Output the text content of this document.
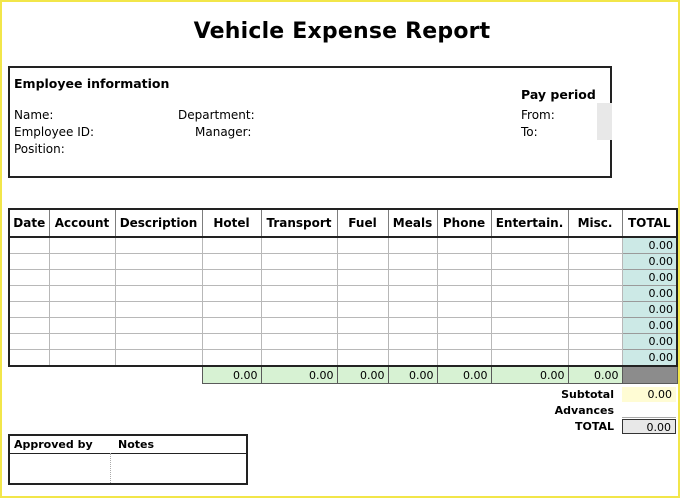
Vehicle Expense Report
Employee information
Name:
Employee ID:
Position:
Department:
Manager:
Pay period
From:
To:
Date	Account	Description	Hotel	Transport	Fuel	Meals	Phone	Entertain.	Misc.	TOTAL
										0.00
										0.00
										0.00
										0.00
										0.00
										0.00
										0.00
										0.00
			0.00	0.00	0.00	0.00	0.00	0.00	0.00	
Subtotal	0.00
Advances
TOTAL	0.00
Approved by Notes
